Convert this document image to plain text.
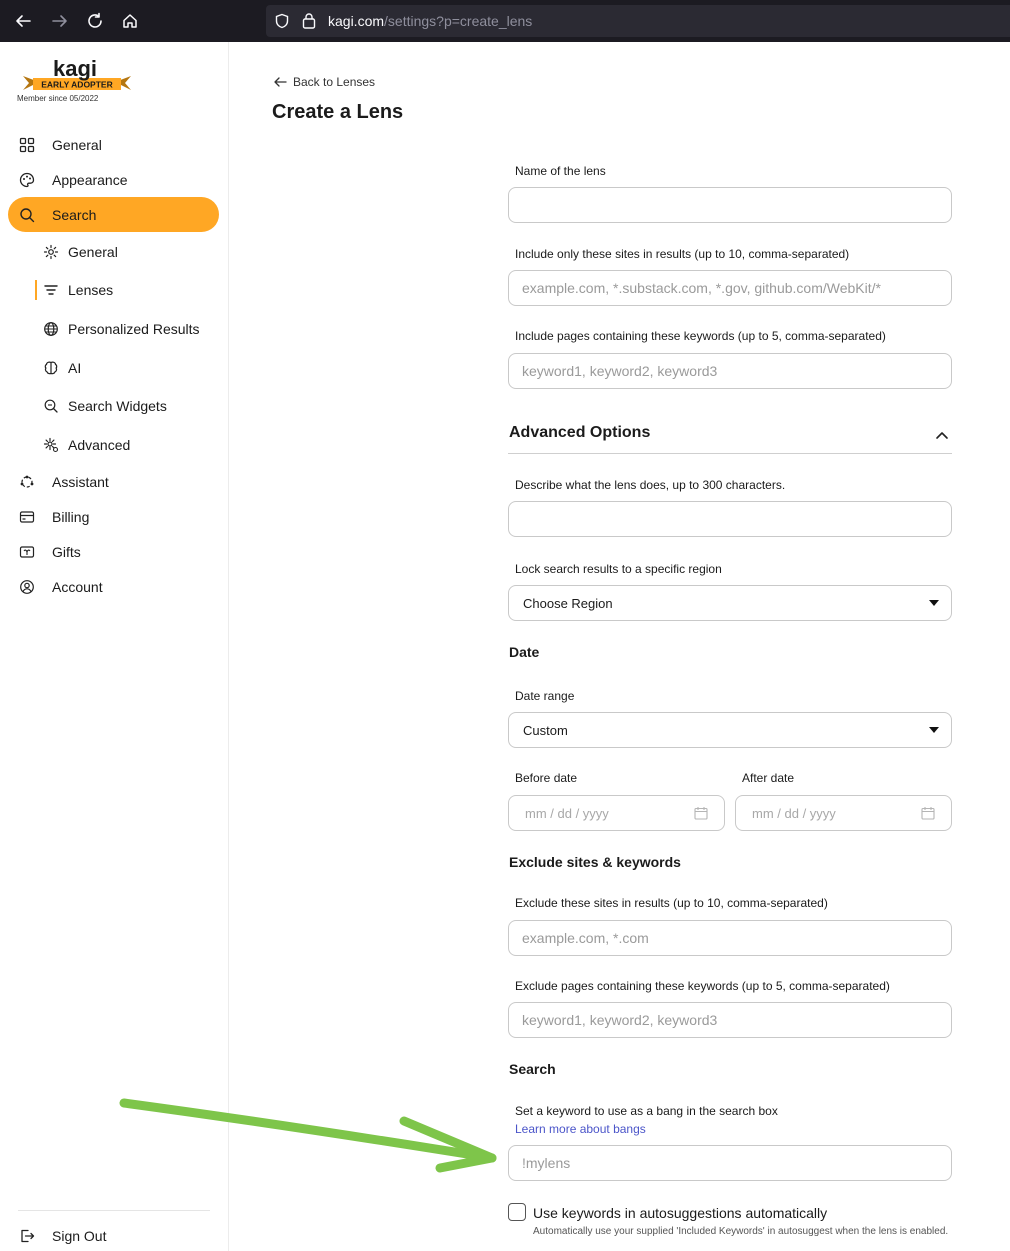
kagi.com/settings?p=create_lens
kagi
EARLY ADOPTER
Member since 05/2022
General
Appearance
Search
General
Lenses
Personalized Results
AI
Search Widgets
Advanced
Assistant
Billing
Gifts
Account
Sign Out
Back to Lenses
Create a Lens
Name of the lens
Include only these sites in results (up to 10, comma-separated)
example.com, *.substack.com, *.gov, github.com/WebKit/*
Include pages containing these keywords (up to 5, comma-separated)
keyword1, keyword2, keyword3
Advanced Options
Describe what the lens does, up to 300 characters.
Lock search results to a specific region
Choose Region
Date
Date range
Custom
Before date	After date
mm / dd / yyyy	mm / dd / yyyy
Exclude sites & keywords
Exclude these sites in results (up to 10, comma-separated)
example.com, *.com
Exclude pages containing these keywords (up to 5, comma-separated)
keyword1, keyword2, keyword3
Search
Set a keyword to use as a bang in the search box
Learn more about bangs
!mylens
Use keywords in autosuggestions automatically
Automatically use your supplied 'Included Keywords' in autosuggest when the lens is enabled.
